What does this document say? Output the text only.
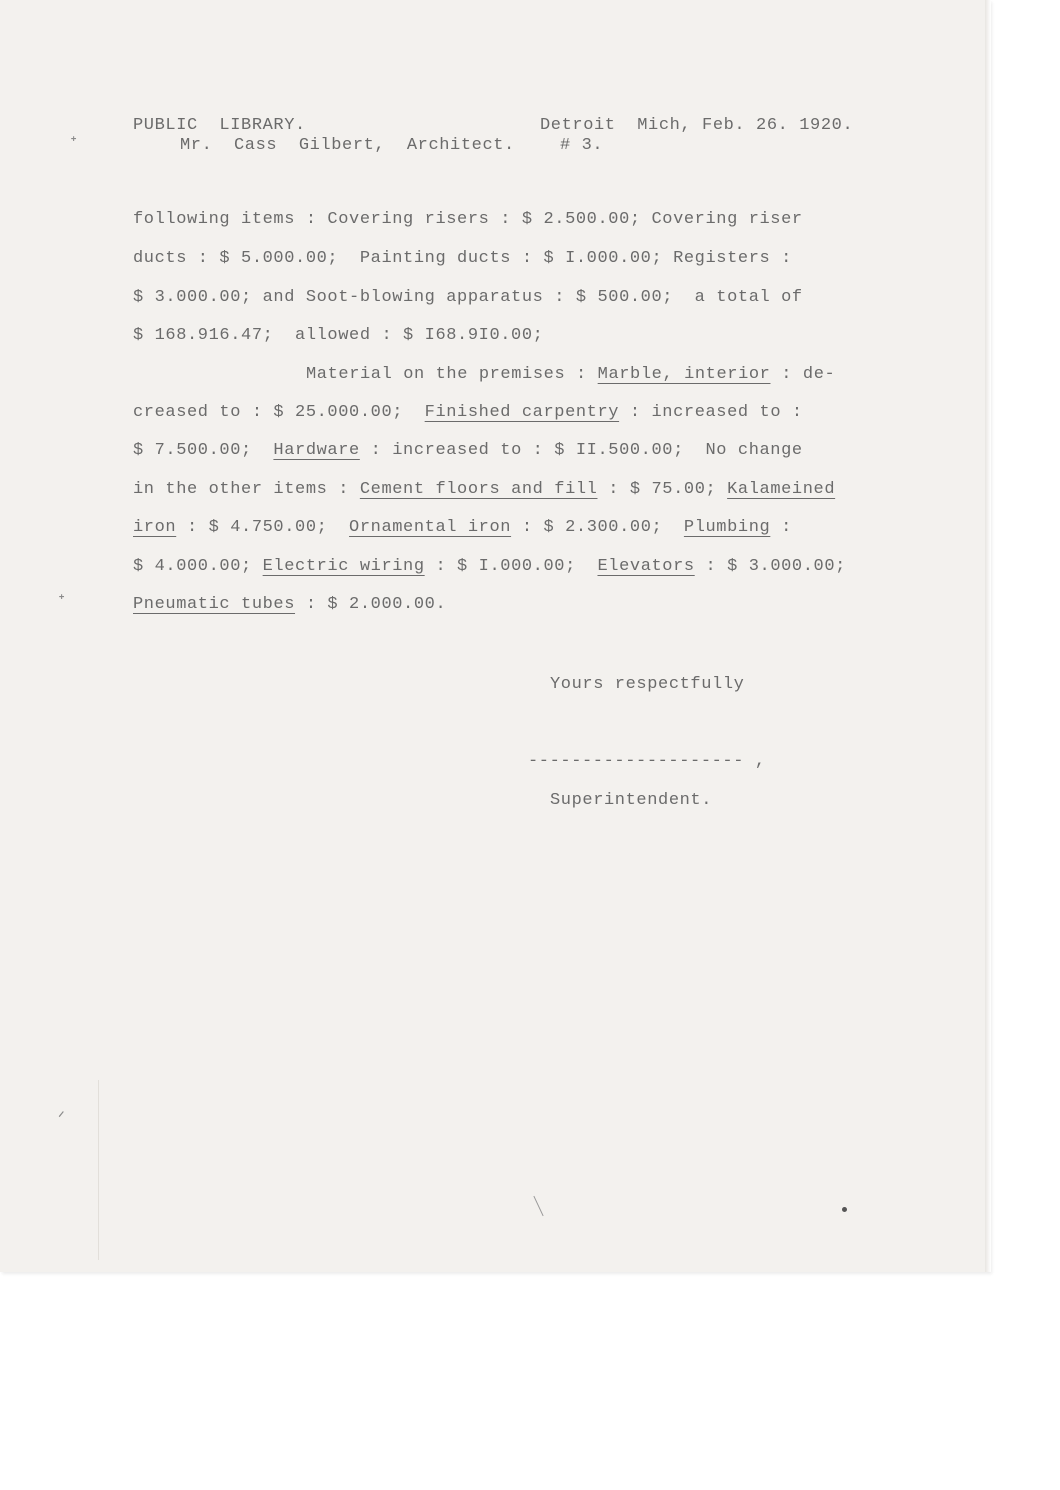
PUBLIC  LIBRARY.	Detroit  Mich, Feb. 26. 1920.
Mr.  Cass  Gilbert,  Architect.	# 3.
following items : Covering risers : $ 2.500.00; Covering riser
ducts : $ 5.000.00;  Painting ducts : $ I.000.00; Registers :
$ 3.000.00; and Soot-blowing apparatus : $ 500.00;  a total of
$ 168.916.47;  allowed : $ I68.9I0.00;
Material on the premises : Marble, interior : de-
creased to : $ 25.000.00;  Finished carpentry : increased to :
$ 7.500.00;  Hardware : increased to : $ II.500.00;  No change
in the other items : Cement floors and fill : $ 75.00; Kalameined
iron : $ 4.750.00;  Ornamental iron : $ 2.300.00;  Plumbing :
$ 4.000.00; Electric wiring : $ I.000.00;  Elevators : $ 3.000.00;
Pneumatic tubes : $ 2.000.00.
Yours respectfully
-------------------- ,
Superintendent.
ᐩ
ᐩ
ᐟ
